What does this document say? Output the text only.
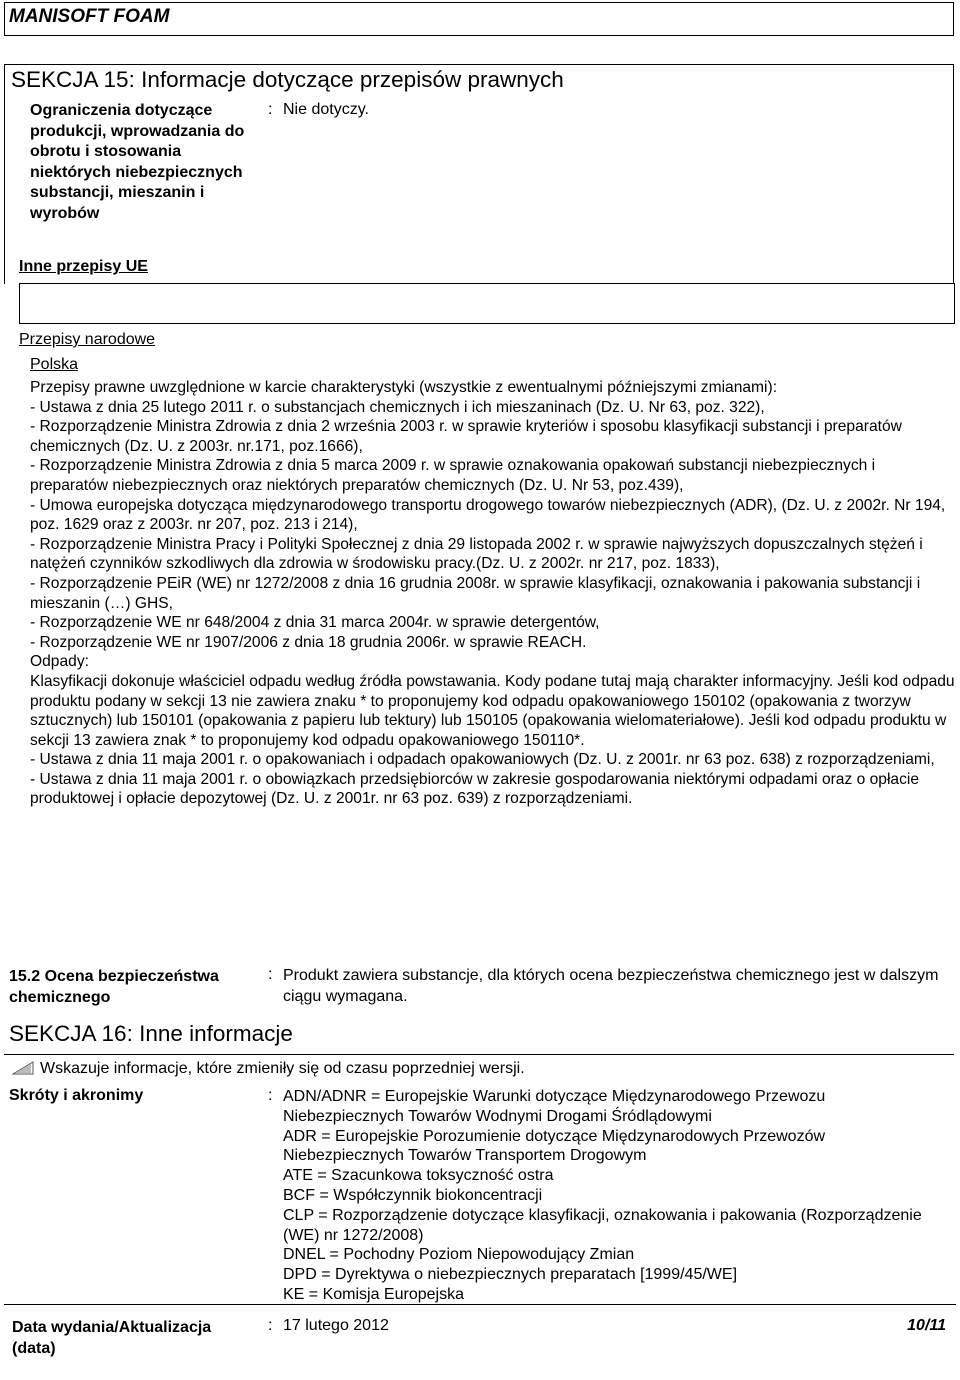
MANISOFT FOAM
SEKCJA 15: Informacje dotyczące przepisów prawnych
Ograniczenia dotyczące produkcji, wprowadzania do obrotu i stosowania niektórych niebezpiecznych substancji, mieszanin i wyrobów
: Nie dotyczy.
Inne przepisy UE
Przepisy narodowe
Polska

Przepisy prawne uwzględnione w karcie charakterystyki (wszystkie z ewentualnymi późniejszymi zmianami):

- Ustawa z dnia 25 lutego 2011 r. o substancjach chemicznych i ich mieszaninach (Dz. U. Nr 63, poz. 322),

- Rozporządzenie Ministra Zdrowia z dnia 2 września 2003 r. w sprawie kryteriów i sposobu klasyfikacji substancji i preparatów chemicznych (Dz. U. z 2003r. nr.171, poz.1666),

- Rozporządzenie Ministra Zdrowia z dnia 5 marca 2009 r. w sprawie oznakowania opakowań substancji niebezpiecznych i preparatów niebezpiecznych oraz niektórych preparatów chemicznych (Dz. U. Nr 53, poz.439),

- Umowa europejska dotycząca międzynarodowego transportu drogowego towarów niebezpiecznych (ADR), (Dz. U. z 2002r. Nr 194, poz. 1629 oraz z 2003r. nr 207, poz. 213 i 214),

- Rozporządzenie Ministra Pracy i Polityki Społecznej z dnia 29 listopada 2002 r. w sprawie najwyższych dopuszczalnych stężeń i natężeń czynników szkodliwych dla zdrowia w środowisku pracy.(Dz. U. z 2002r. nr 217, poz. 1833),

- Rozporządzenie PEiR (WE) nr 1272/2008 z dnia 16 grudnia 2008r. w sprawie klasyfikacji, oznakowania i pakowania substancji i mieszanin (…) GHS,

- Rozporządzenie WE nr 648/2004 z dnia 31 marca 2004r. w sprawie detergentów,

- Rozporządzenie WE nr 1907/2006 z dnia 18 grudnia 2006r. w sprawie REACH.

Odpady:

Klasyfikacji dokonuje właściciel odpadu według źródła powstawania. Kody podane tutaj mają charakter informacyjny. Jeśli kod odpadu produktu podany w sekcji 13 nie zawiera znaku * to proponujemy kod odpadu opakowaniowego 150102 (opakowania z tworzyw sztucznych) lub 150101 (opakowania z papieru lub tektury) lub 150105 (opakowania wielomateriałowe). Jeśli kod odpadu produktu w sekcji 13 zawiera znak * to proponujemy kod odpadu opakowaniowego 150110*.

- Ustawa z dnia 11 maja 2001 r. o opakowaniach i odpadach opakowaniowych (Dz. U. z 2001r. nr 63 poz. 638) z rozporządzeniami,

- Ustawa z dnia 11 maja 2001 r. o obowiązkach przedsiębiorców w zakresie gospodarowania niektórymi odpadami oraz o opłacie produktowej i opłacie depozytowej (Dz. U. z 2001r. nr 63 poz. 639) z rozporządzeniami.

15.2 Ocena bezpieczeństwa chemicznego
: Produkt zawiera substancje, dla których ocena bezpieczeństwa chemicznego jest w dalszym ciągu wymagana.
SEKCJA 16: Inne informacje
Wskazuje informacje, które zmieniły się od czasu poprzedniej wersji.
Skróty i akronimy	: ADN/ADNR = Europejskie Warunki dotyczące Międzynarodowego Przewozu Niebezpiecznych Towarów Wodnymi Drogami Śródlądowymi

ADR = Europejskie Porozumienie dotyczące Międzynarodowych Przewozów Niebezpiecznych Towarów Transportem Drogowym

ATE = Szacunkowa toksyczność ostra

BCF = Współczynnik biokoncentracji

CLP = Rozporządzenie dotyczące klasyfikacji, oznakowania i pakowania (Rozporządzenie (WE) nr 1272/2008)

DNEL = Pochodny Poziom Niepowodujący Zmian

DPD = Dyrektywa o niebezpiecznych preparatach [1999/45/WE]

KE = Komisja Europejska

Data wydania/Aktualizacja (data)
: 17 lutego 2012	10/11
